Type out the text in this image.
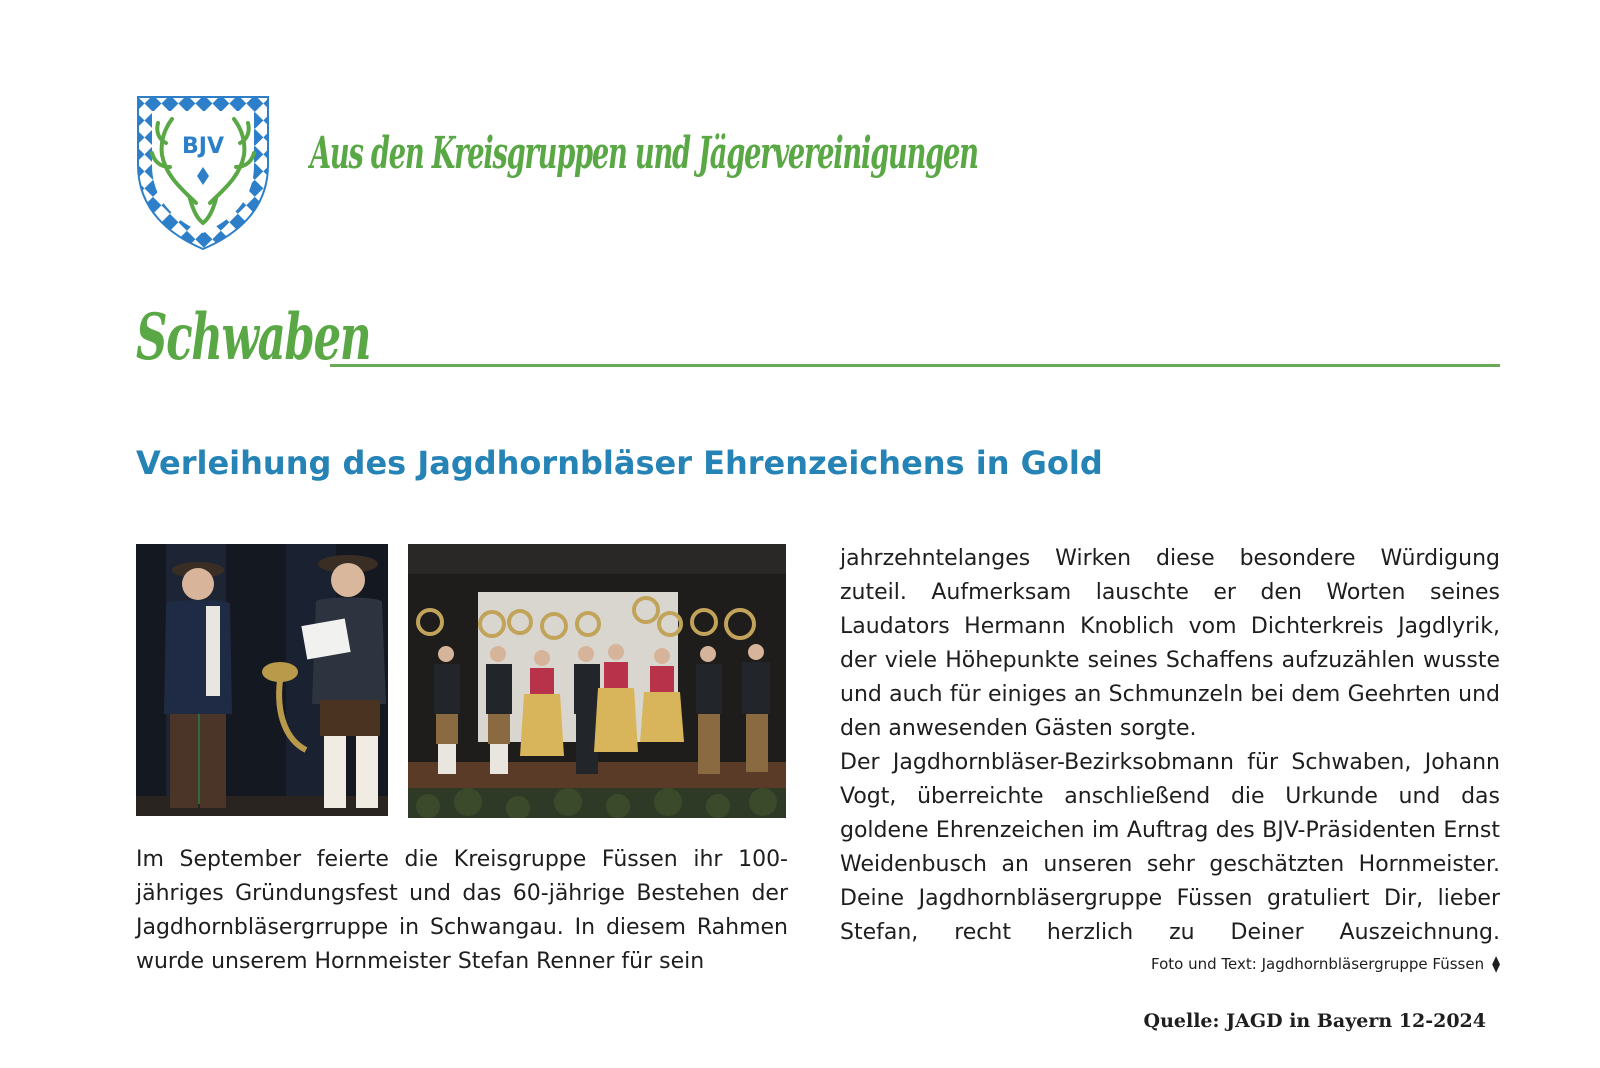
BJV Aus den Kreisgruppen und Jägervereinigungen
Schwaben
Verleihung des Jagdhornbläser Ehrenzeichens in Gold

Im September feierte die Kreisgruppe Füssen ihr 100-jähriges Gründungsfest und das 60-jährige Bestehen der Jagdhornbläsergrruppe in Schwangau. In diesem Rahmen wurde unserem Hornmeister Stefan Renner für sein

jahrzehntelanges Wirken diese besondere Würdigung zuteil. Aufmerksam lauschte er den Worten seines Laudators Hermann Knoblich vom Dichterkreis Jagdlyrik, der viele Höhepunkte seines Schaffens aufzuzählen wusste und auch für einiges an Schmunzeln bei dem Geehrten und den anwesenden Gästen sorgte.

Der Jagdhornbläser-Bezirksobmann für Schwaben, Johann Vogt, überreichte anschließend die Urkunde und das goldene Ehrenzeichen im Auftrag des BJV-Präsidenten Ernst Weidenbusch an unseren sehr geschätzten Hornmeister. Deine Jagdhornbläsergruppe Füssen gratuliert Dir, lieber Stefan, recht herzlich zu Deiner Auszeichnung.

Foto und Text: Jagdhornbläsergruppe Füssen ⧫
Quelle: JAGD in Bayern 12-2024
